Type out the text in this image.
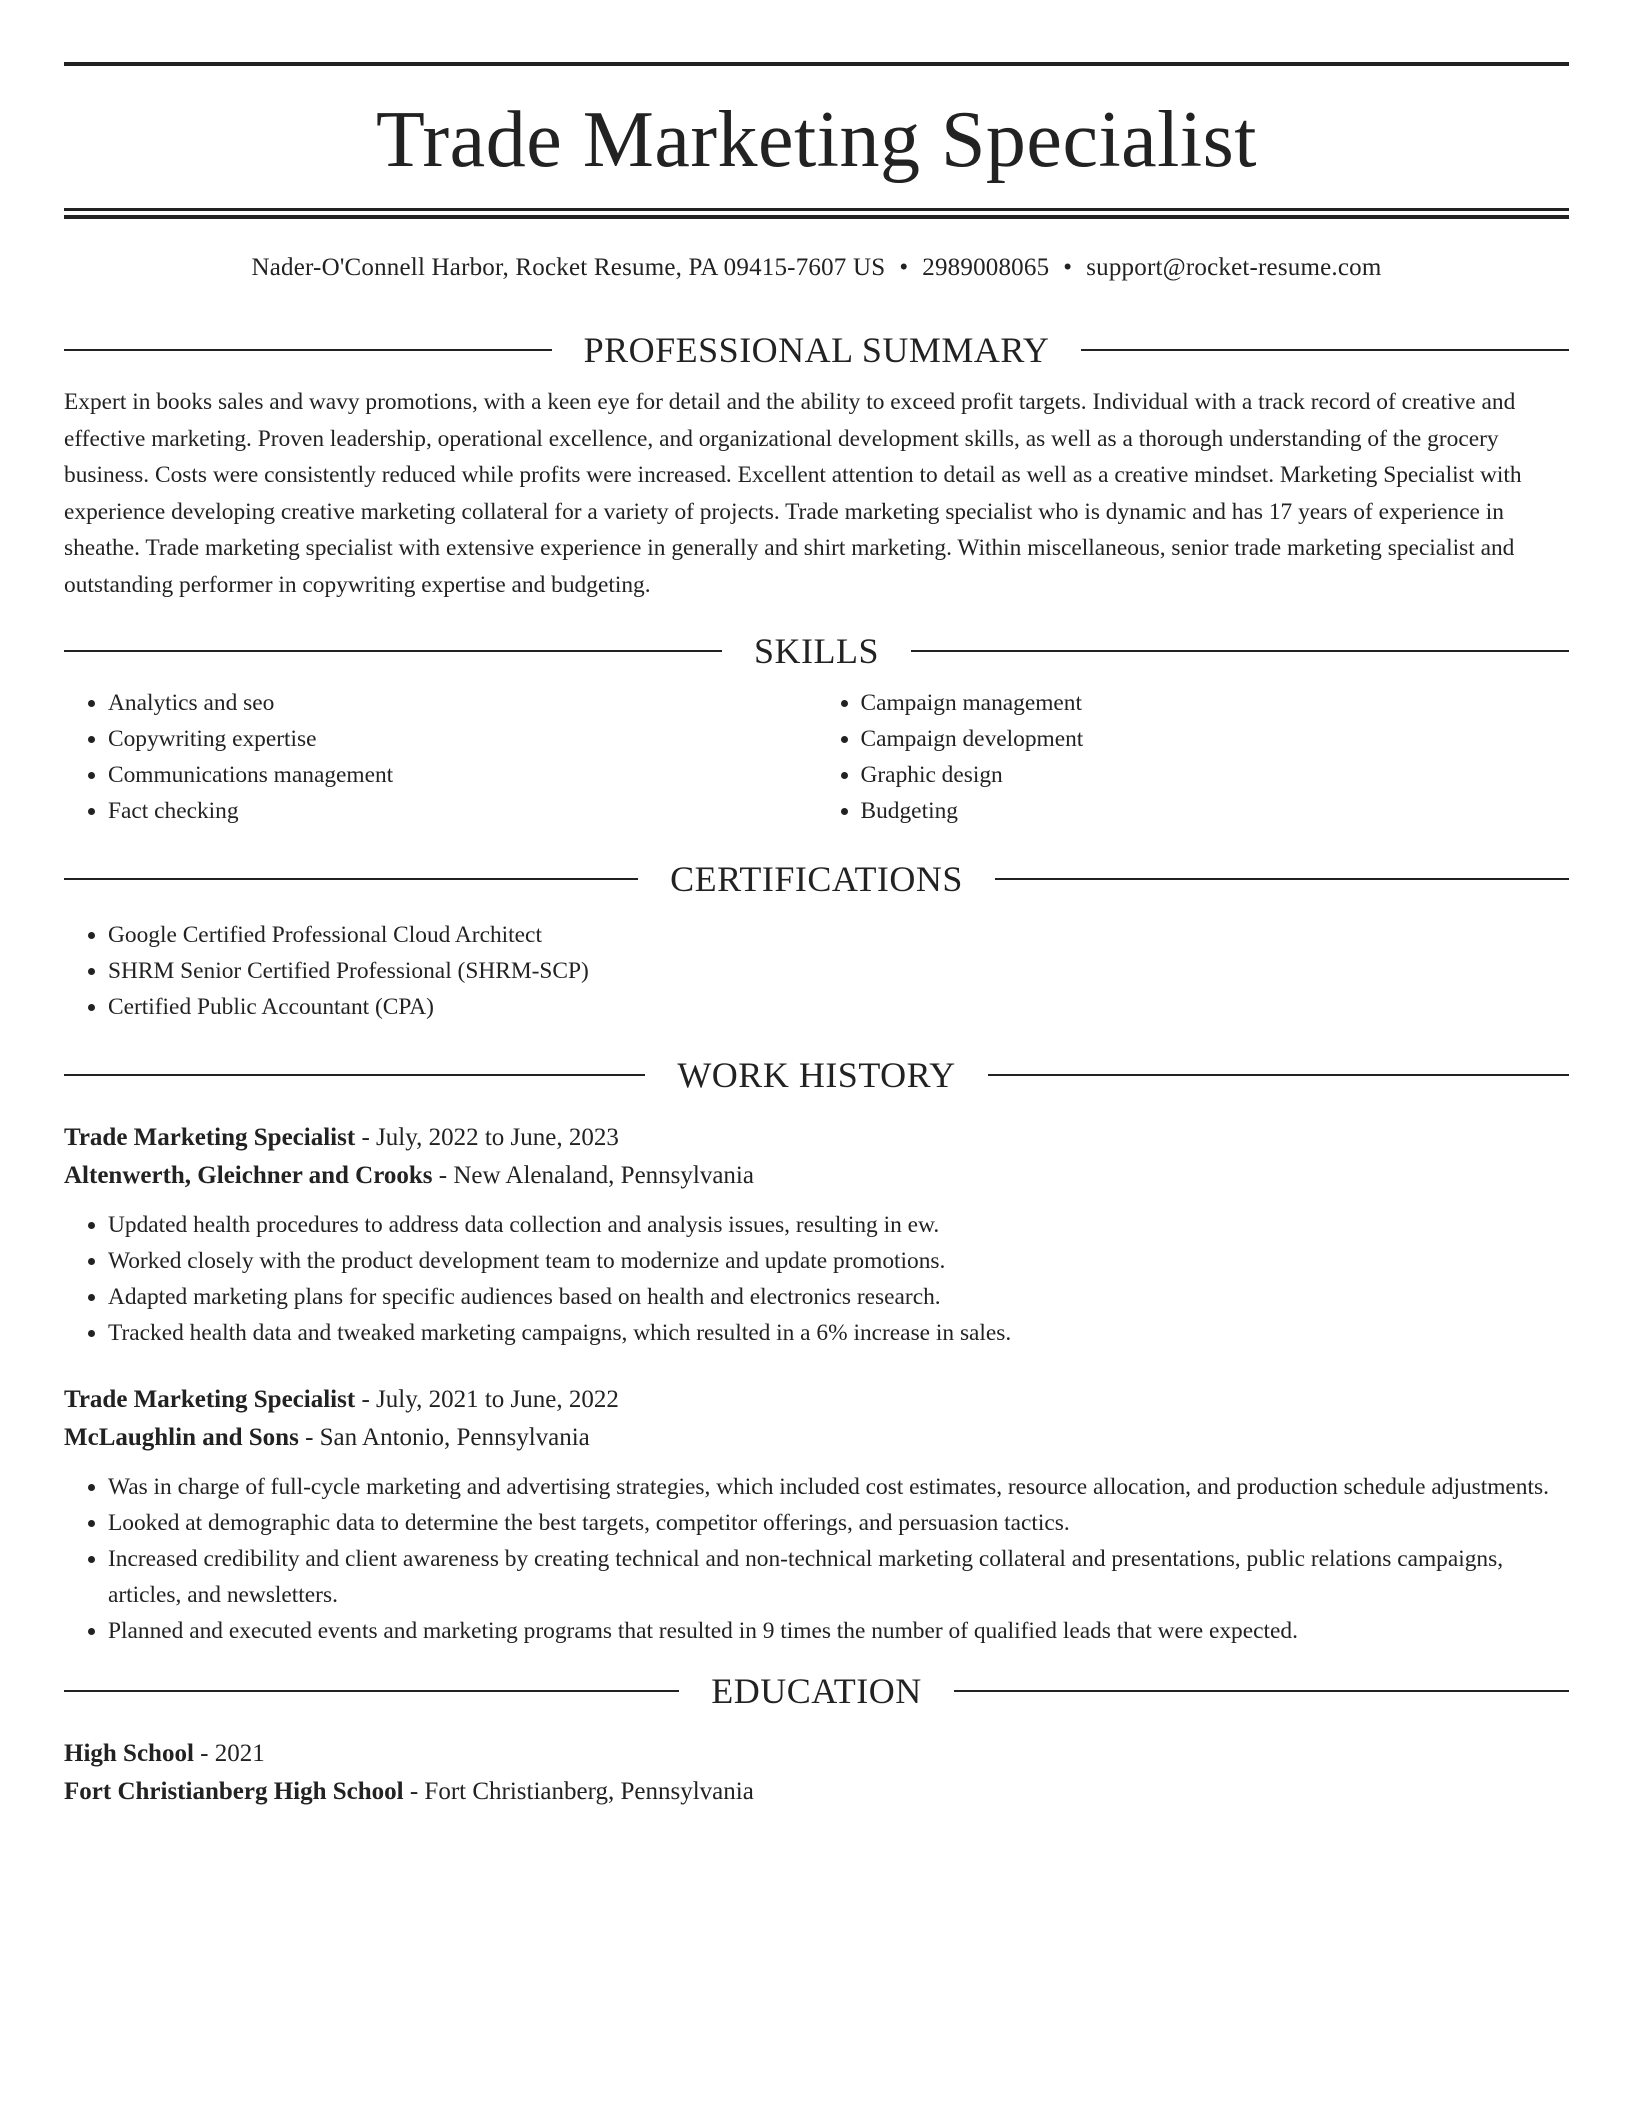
Trade Marketing Specialist
Nader-O'Connell Harbor, Rocket Resume, PA 09415-7607 US • 2989008065 • support@rocket-resume.com
PROFESSIONAL SUMMARY

Expert in books sales and wavy promotions, with a keen eye for detail and the ability to exceed profit targets. Individual with a track record of creative and effective marketing. Proven leadership, operational excellence, and organizational development skills, as well as a thorough understanding of the grocery business. Costs were consistently reduced while profits were increased. Excellent attention to detail as well as a creative mindset. Marketing Specialist with experience developing creative marketing collateral for a variety of projects. Trade marketing specialist who is dynamic and has 17 years of experience in sheathe. Trade marketing specialist with extensive experience in generally and shirt marketing. Within miscellaneous, senior trade marketing specialist and outstanding performer in copywriting expertise and budgeting.

SKILLS
• Analytics and seo
• Copywriting expertise
• Communications management
• Fact checking
• Campaign management
• Campaign development
• Graphic design
• Budgeting
CERTIFICATIONS
• Google Certified Professional Cloud Architect
• SHRM Senior Certified Professional (SHRM-SCP)
• Certified Public Accountant (CPA)
WORK HISTORY
Trade Marketing Specialist - July, 2022 to June, 2023
Altenwerth, Gleichner and Crooks - New Alenaland, Pennsylvania
• Updated health procedures to address data collection and analysis issues, resulting in ew.
• Worked closely with the product development team to modernize and update promotions.
• Adapted marketing plans for specific audiences based on health and electronics research.
• Tracked health data and tweaked marketing campaigns, which resulted in a 6% increase in sales.
Trade Marketing Specialist - July, 2021 to June, 2022
McLaughlin and Sons - San Antonio, Pennsylvania
• Was in charge of full-cycle marketing and advertising strategies, which included cost estimates, resource allocation, and production schedule adjustments.
• Looked at demographic data to determine the best targets, competitor offerings, and persuasion tactics.
• Increased credibility and client awareness by creating technical and non-technical marketing collateral and presentations, public relations campaigns, articles, and newsletters.
• Planned and executed events and marketing programs that resulted in 9 times the number of qualified leads that were expected.
EDUCATION
High School - 2021
Fort Christianberg High School - Fort Christianberg, Pennsylvania
